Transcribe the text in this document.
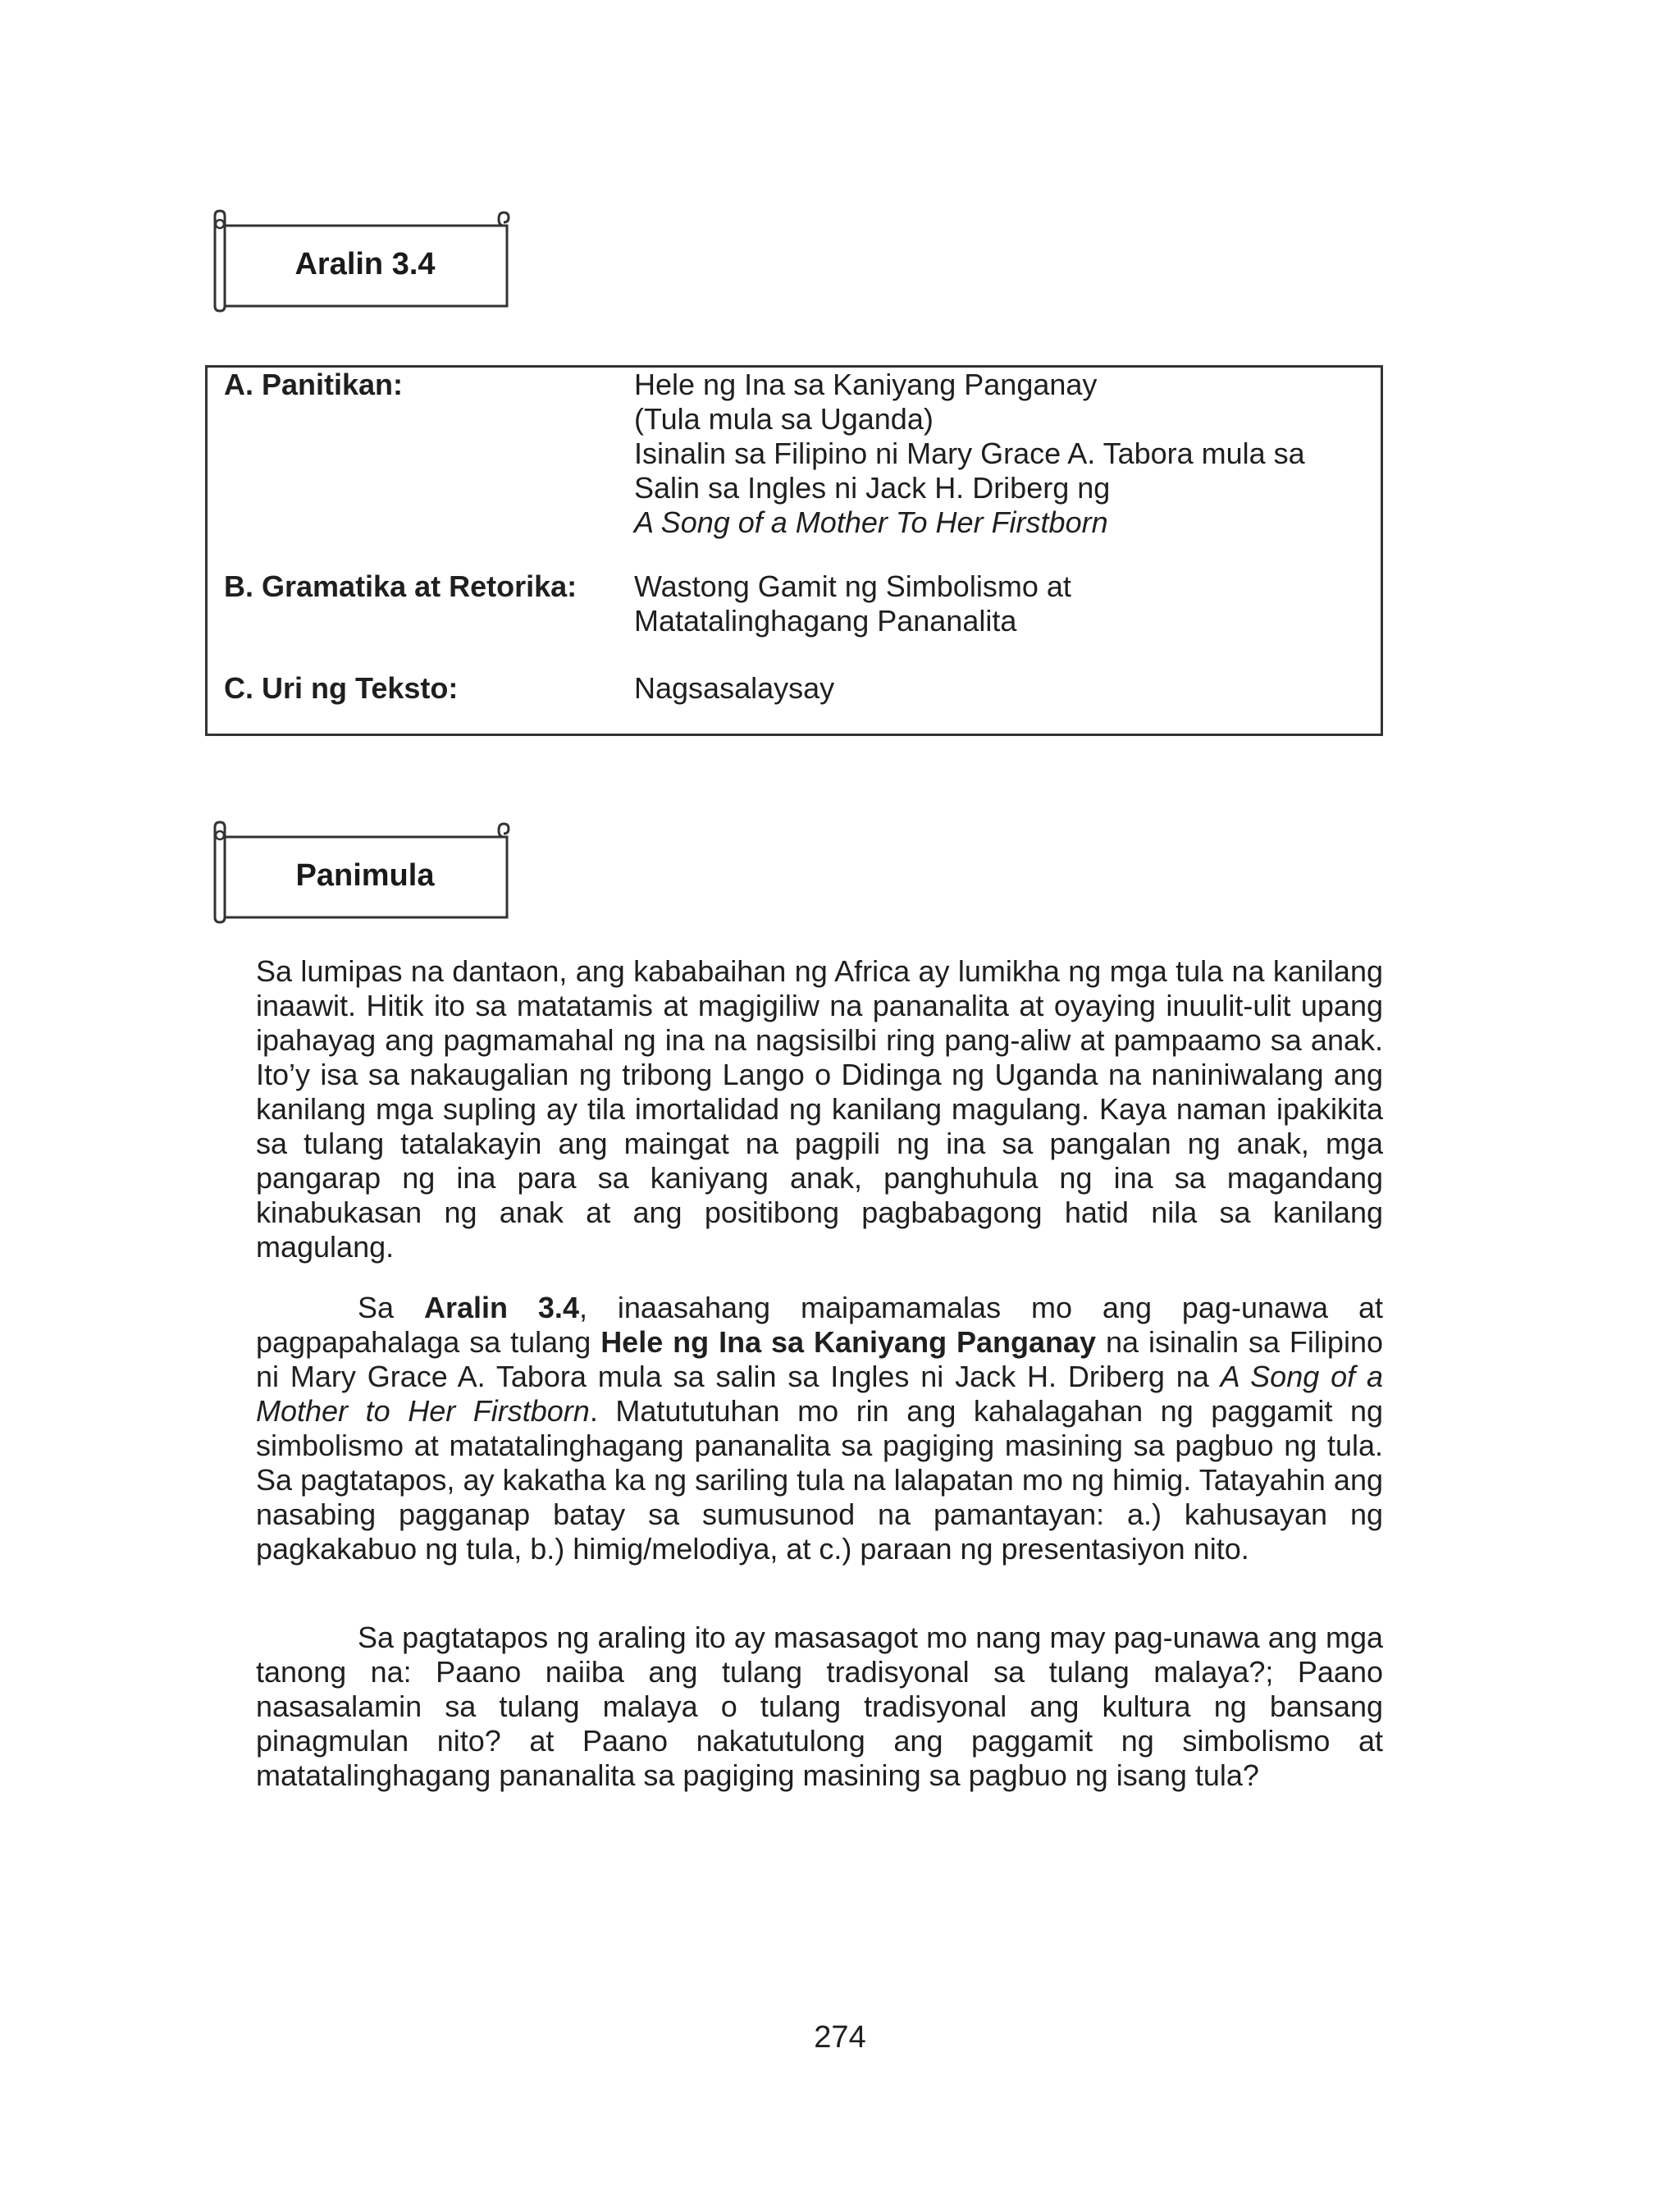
Aralin 3.4
A. Panitikan:	Hele ng Ina sa Kaniyang Panganay
(Tula mula sa Uganda)
Isinalin sa Filipino ni Mary Grace A. Tabora mula sa
Salin sa Ingles ni Jack H. Driberg ng
A Song of a Mother To Her Firstborn
B. Gramatika at Retorika: Wastong Gamit ng Simbolismo at
Matatalinghagang Pananalita
C. Uri ng Teksto:	Nagsasalaysay
Panimula

Sa lumipas na dantaon, ang kababaihan ng Africa ay lumikha ng mga tula na kanilang inaawit. Hitik ito sa matatamis at magigiliw na pananalita at oyaying inuulit-ulit upang ipahayag ang pagmamahal ng ina na nagsisilbi ring pang-aliw at pampaamo sa anak. Ito’y isa sa nakaugalian ng tribong Lango o Didinga ng Uganda na naniniwalang ang kanilang mga supling ay tila imortalidad ng kanilang magulang. Kaya naman ipakikita sa tulang tatalakayin ang maingat na pagpili ng ina sa pangalan ng anak, mga pangarap ng ina para sa kaniyang anak, panghuhula ng ina sa magandang kinabukasan ng anak at ang positibong pagbabagong hatid nila sa kanilang magulang.

Sa Aralin 3.4, inaasahang maipamamalas mo ang pag-unawa at pagpapahalaga sa tulang Hele ng Ina sa Kaniyang Panganay na isinalin sa Filipino ni Mary Grace A. Tabora mula sa salin sa Ingles ni Jack H. Driberg na A Song of a Mother to Her Firstborn. Matututuhan mo rin ang kahalagahan ng paggamit ng simbolismo at matatalinghagang pananalita sa pagiging masining sa pagbuo ng tula. Sa pagtatapos, ay kakatha ka ng sariling tula na lalapatan mo ng himig. Tatayahin ang nasabing pagganap batay sa sumusunod na pamantayan: a.) kahusayan ng pagkakabuo ng tula, b.) himig/melodiya, at c.) paraan ng presentasiyon nito.

Sa pagtatapos ng araling ito ay masasagot mo nang may pag-unawa ang mga tanong na: Paano naiiba ang tulang tradisyonal sa tulang malaya?; Paano nasasalamin sa tulang malaya o tulang tradisyonal ang kultura ng bansang pinagmulan nito? at Paano nakatutulong ang paggamit ng simbolismo at matatalinghagang pananalita sa pagiging masining sa pagbuo ng isang tula?

274
